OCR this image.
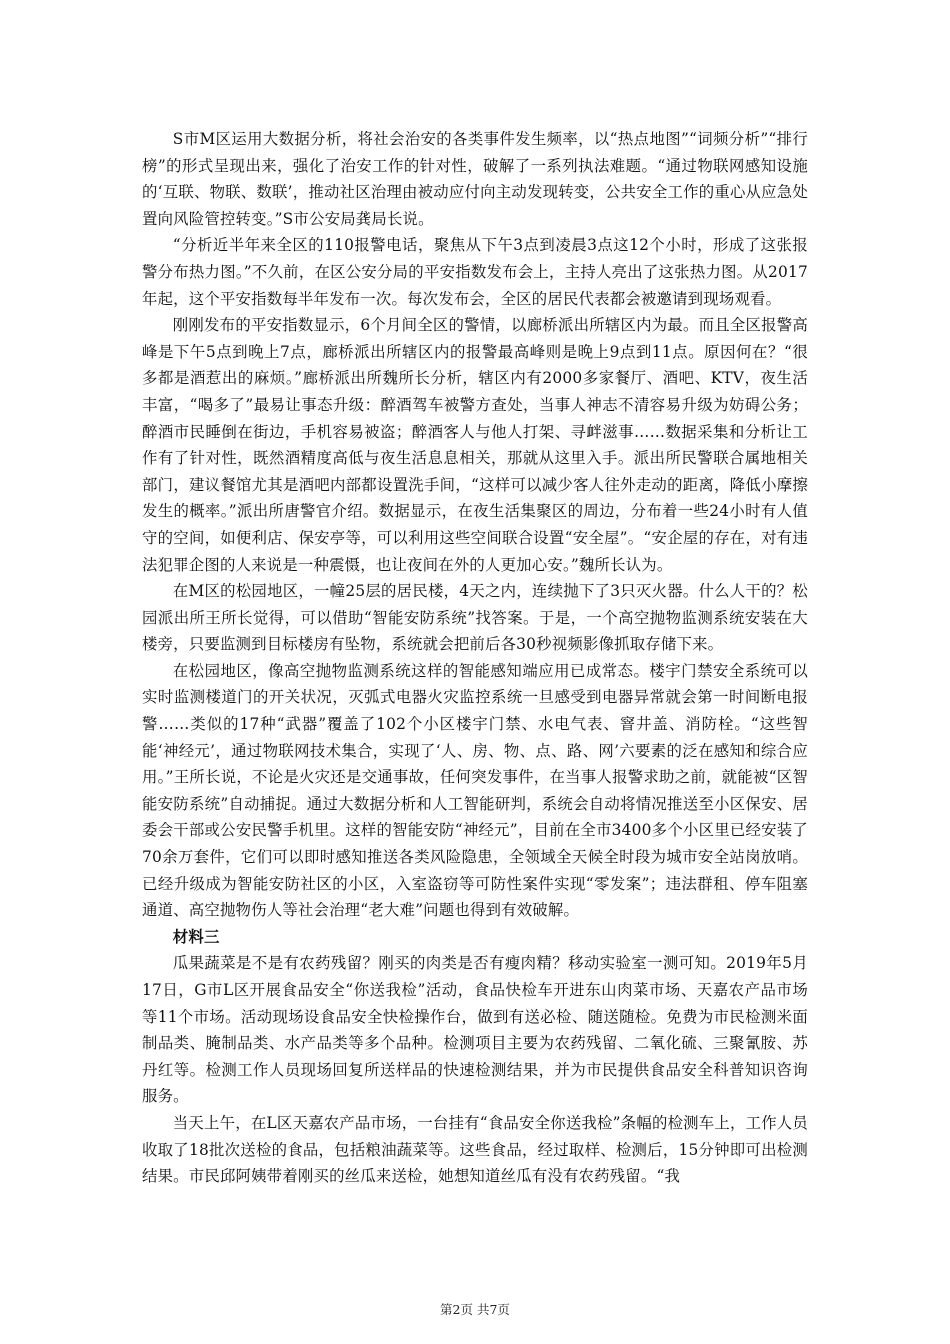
S市M区运用大数据分析，将社会治安的各类事件发生频率，以“热点地图”“词频分析”“排行榜”的形式呈现出来，强化了治安工作的针对性，破解了一系列执法难题。“通过物联网感知设施的‘互联、物联、数联’，推动社区治理由被动应付向主动发现转变，公共安全工作的重心从应急处置向风险管控转变。”S市公安局龚局长说。

“分析近半年来全区的110报警电话，聚焦从下午3点到凌晨3点这12个小时，形成了这张报警分布热力图。”不久前，在区公安分局的平安指数发布会上，主持人亮出了这张热力图。从2017年起，这个平安指数每半年发布一次。每次发布会，全区的居民代表都会被邀请到现场观看。

刚刚发布的平安指数显示，6个月间全区的警情，以廊桥派出所辖区内为最。而且全区报警高峰是下午5点到晚上7点，廊桥派出所辖区内的报警最高峰则是晚上9点到11点。原因何在？“很多都是酒惹出的麻烦。”廊桥派出所魏所长分析，辖区内有2000多家餐厅、酒吧、KTV，夜生活丰富，“喝多了”最易让事态升级：醉酒驾车被警方查处，当事人神志不清容易升级为妨碍公务；醉酒市民睡倒在街边，手机容易被盗；醉酒客人与他人打架、寻衅滋事……数据采集和分析让工作有了针对性，既然酒精度高低与夜生活息息相关，那就从这里入手。派出所民警联合属地相关部门，建议餐馆尤其是酒吧内部都设置洗手间，“这样可以减少客人往外走动的距离，降低小摩擦发生的概率。”派出所唐警官介绍。数据显示，在夜生活集聚区的周边，分布着一些24小时有人值守的空间，如便利店、保安亭等，可以利用这些空间联合设置“安全屋”。“安企屋的存在，对有违法犯罪企图的人来说是一种震慑，也让夜间在外的人更加心安。”魏所长认为。

在M区的松园地区，一幢25层的居民楼，4天之内，连续抛下了3只灭火器。什么人干的？松园派出所王所长觉得，可以借助“智能安防系统”找答案。于是，一个高空抛物监测系统安装在大楼旁，只要监测到目标楼房有坠物，系统就会把前后各30秒视频影像抓取存储下来。

在松园地区，像高空抛物监测系统这样的智能感知端应用已成常态。楼宇门禁安全系统可以实时监测楼道门的开关状况，灭弧式电器火灾监控系统一旦感受到电器异常就会第一时间断电报警……类似的17种“武器”覆盖了102个小区楼宇门禁、水电气表、窨井盖、消防栓。“这些智能‘神经元’，通过物联网技术集合，实现了‘人、房、物、点、路、网’六要素的泛在感知和综合应用。”王所长说，不论是火灾还是交通事故，任何突发事件，在当事人报警求助之前，就能被“区智能安防系统”自动捕捉。通过大数据分析和人工智能研判，系统会自动将情况推送至小区保安、居委会干部或公安民警手机里。这样的智能安防“神经元”，目前在全市3400多个小区里已经安装了70余万套件，它们可以即时感知推送各类风险隐患，全领域全天候全时段为城市安全站岗放哨。已经升级成为智能安防社区的小区，入室盗窃等可防性案件实现“零发案”；违法群租、停车阻塞通道、高空抛物伤人等社会治理“老大难”问题也得到有效破解。

材料三

瓜果蔬菜是不是有农药残留？刚买的肉类是否有瘦肉精？移动实验室一测可知。2019年5月17日，G市L区开展食品安全“你送我检”活动，食品快检车开进东山肉菜市场、天嘉农产品市场等11个市场。活动现场设食品安全快检操作台，做到有送必检、随送随检。免费为市民检测米面制品类、腌制品类、水产品类等多个品种。检测项目主要为农药残留、二氧化硫、三聚氰胺、苏丹红等。检测工作人员现场回复所送样品的快速检测结果，并为市民提供食品安全科普知识咨询服务。

当天上午，在L区天嘉农产品市场，一台挂有“食品安全你送我检”条幅的检测车上，工作人员收取了18批次送检的食品，包括粮油蔬菜等。这些食品，经过取样、检测后，15分钟即可出检测结果。市民邱阿姨带着刚买的丝瓜来送检，她想知道丝瓜有没有农药残留。“我

第2页 共7页
